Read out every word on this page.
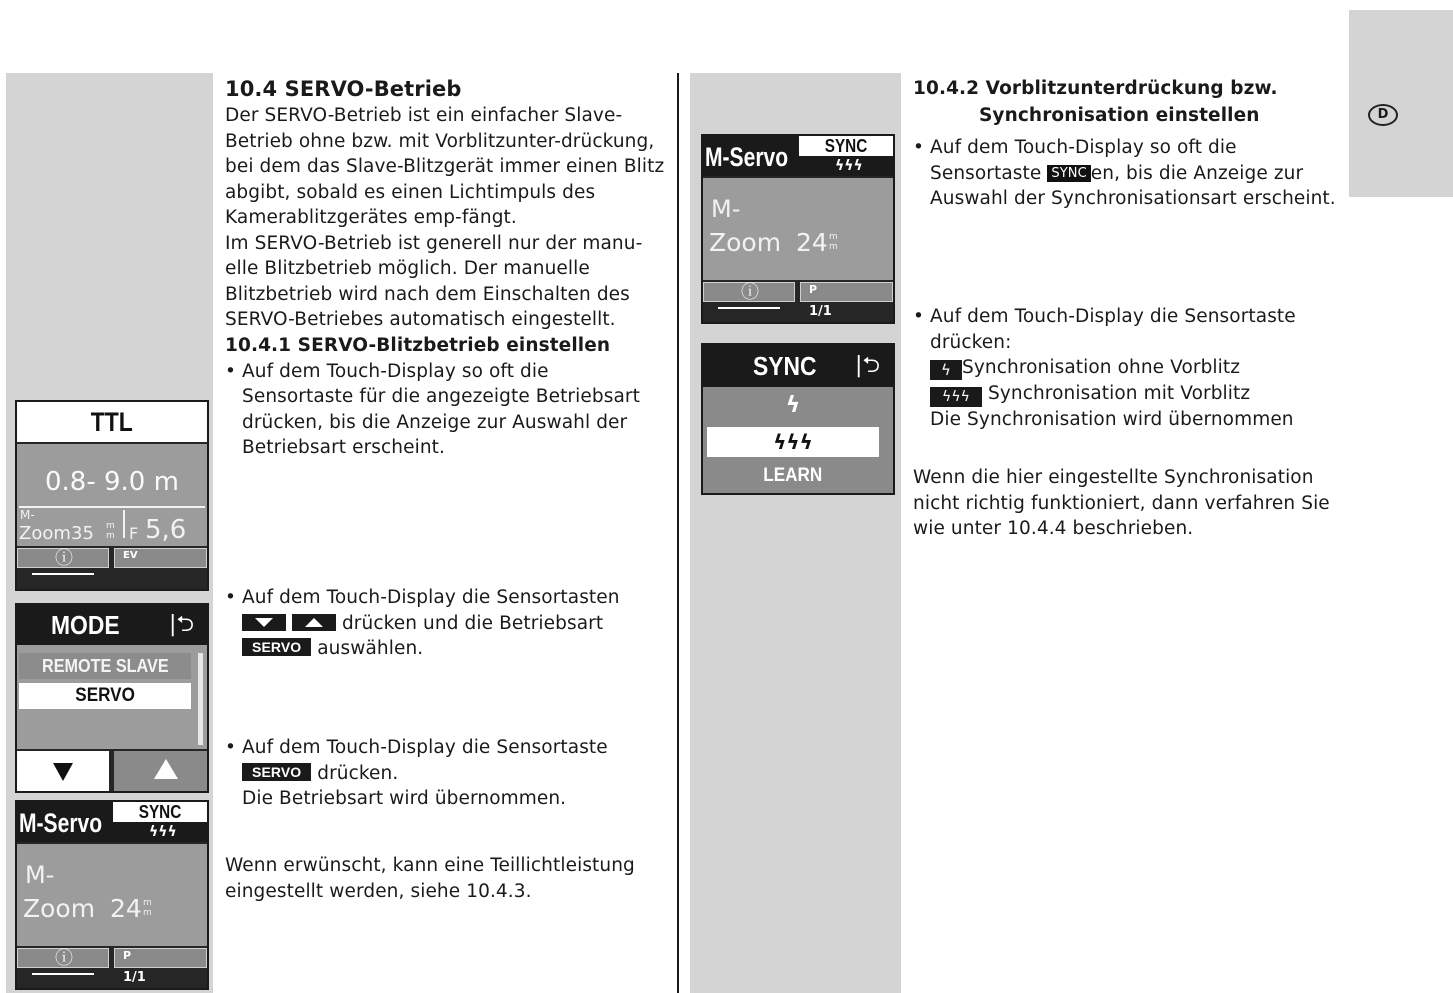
D

10.4 SERVO-Betrieb

Der SERVO-Betrieb ist ein einfacher Slave-Betrieb ohne bzw. mit Vorblitzunter-drückung, bei dem das Slave-Blitzgerät immer einen Blitz abgibt, sobald es einen Lichtimpuls des Kamerablitzgerätes emp-fängt.

Im SERVO-Betrieb ist generell nur der manu-elle Blitzbetrieb möglich. Der manuelle Blitzbetrieb wird nach dem Einschalten des SERVO-Betriebes automatisch eingestellt.

10.4.1 SERVO-Blitzbetrieb einstellen

• Auf dem Touch-Display so oft die Sensortaste für die angezeigte Betriebsart drücken, bis die Anzeige zur Auswahl der Betriebsart erscheint.

• Auf dem Touch-Display die Sensortasten

drücken und die Betriebsart

SERVO auswählen.

• Auf dem Touch-Display die Sensortaste

SERVO drücken.

Die Betriebsart wird übernommen.

Wenn erwünscht, kann eine Teillichtleistung eingestellt werden, siehe 10.4.3.

10.4.2 Vorblitzunterdrückung bzw.

Synchronisation einstellen

• Auf dem Touch-Display so oft die Sensortaste SYNC en, bis die Anzeige zur Auswahl der Synchronisationsart erscheint.

• Auf dem Touch-Display die Sensortaste drücken:

ϟ Synchronisation ohne Vorblitz

ϟϟϟ Synchronisation mit Vorblitz

Die Synchronisation wird übernommen

Wenn die hier eingestellte Synchronisation nicht richtig funktioniert, dann verfahren Sie wie unter 10.4.4 beschrieben.

TTL
0.8- 9.0 m
M-
Zoom 35 m m F 5,6
ⓘ	EV
MODE |⮌
REMOTE SLAVE
SERVO
M-Servo	SYNC
ϟϟϟ
M-
Zoom 24 m m
ⓘ	P
1/1
M-Servo	SYNC
ϟϟϟ
M-
Zoom 24 m m
ⓘ	P
1/1
SYNC |⮌
ϟ
ϟϟϟ
LEARN
